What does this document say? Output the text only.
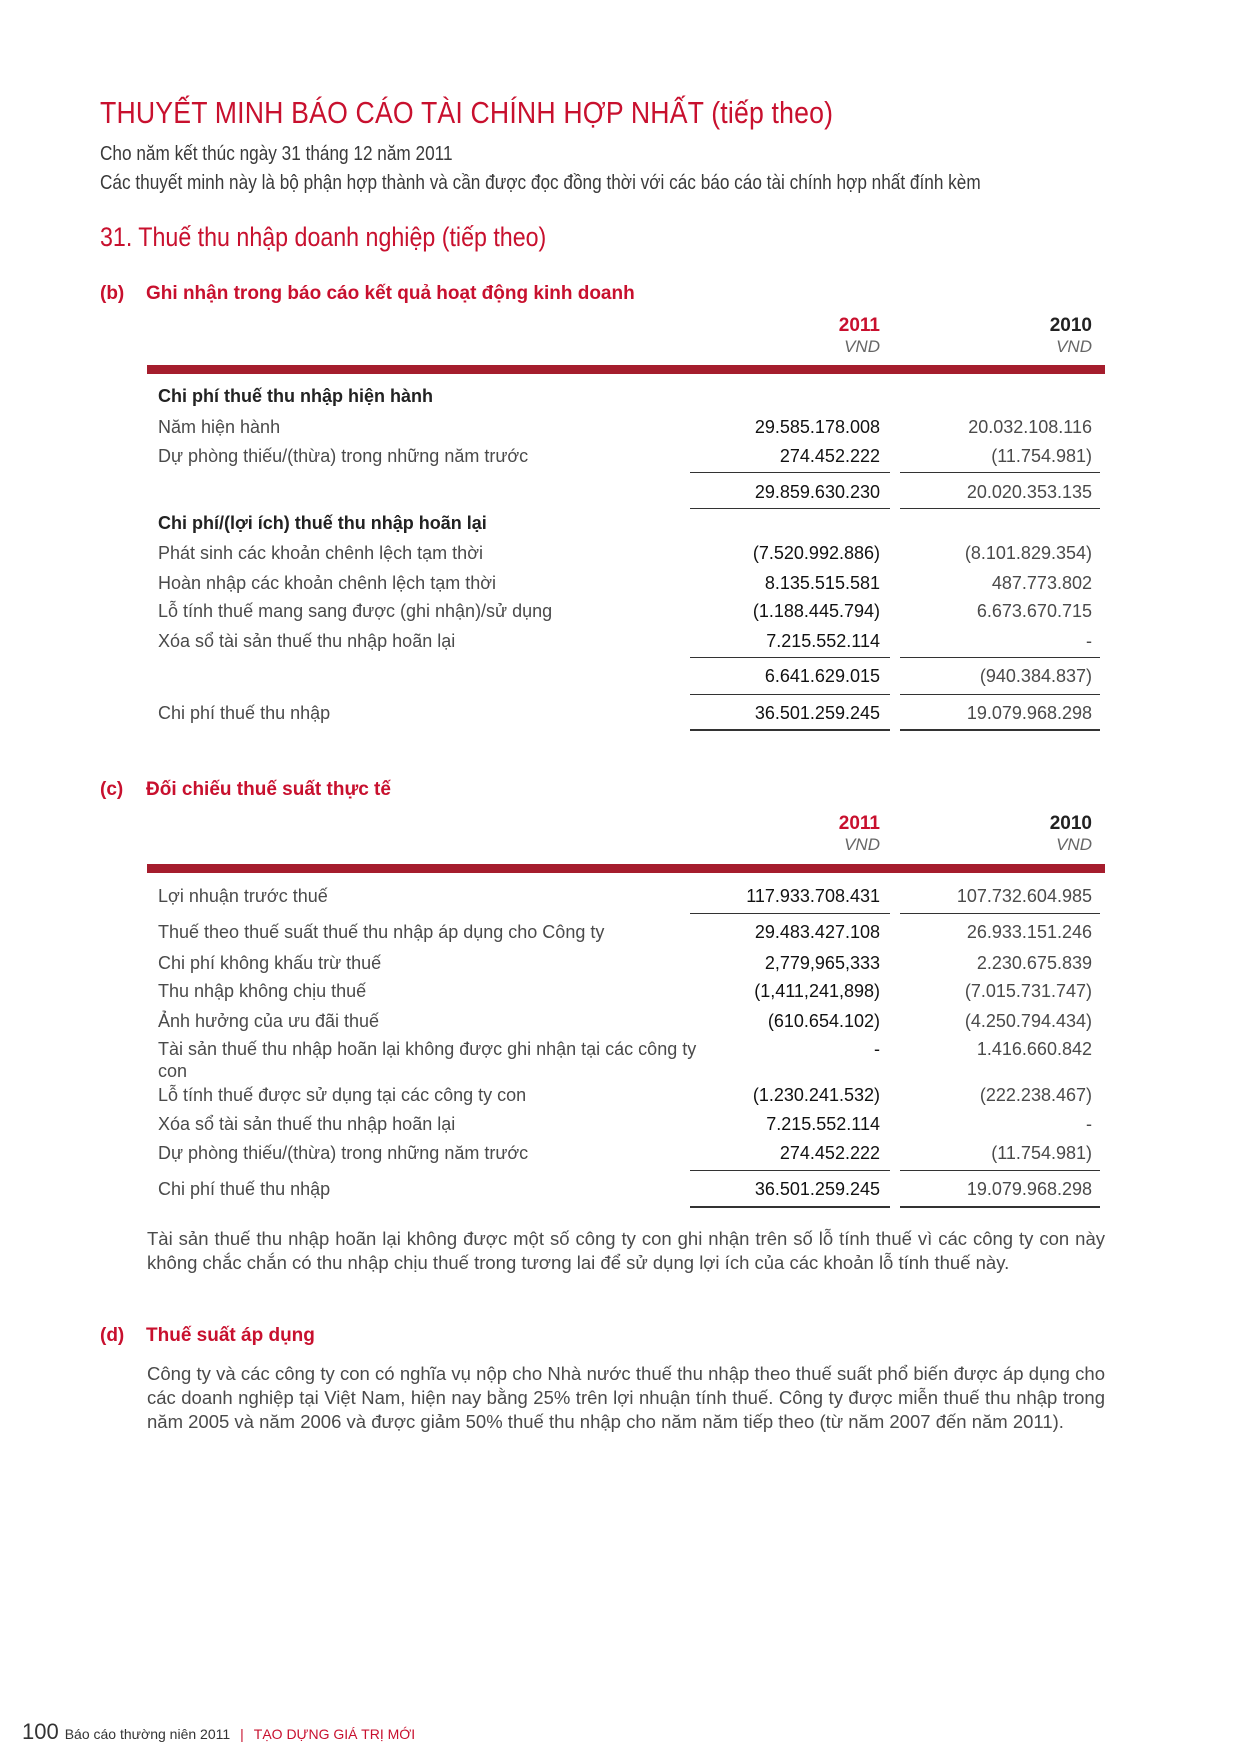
THUYẾT MINH BÁO CÁO TÀI CHÍNH HỢP NHẤT (tiếp theo)
Cho năm kết thúc ngày 31 tháng 12 năm 2011
Các thuyết minh này là bộ phận hợp thành và cần được đọc đồng thời với các báo cáo tài chính hợp nhất đính kèm
31. Thuế thu nhập doanh nghiệp (tiếp theo)
(b) Ghi nhận trong báo cáo kết quả hoạt động kinh doanh
2011	2010
VND	VND
Chi phí thuế thu nhập hiện hành
Năm hiện hành	29.585.178.008	20.032.108.116
Dự phòng thiếu/(thừa) trong những năm trước	274.452.222	(11.754.981)
29.859.630.230	20.020.353.135
Chi phí/(lợi ích) thuế thu nhập hoãn lại
Phát sinh các khoản chênh lệch tạm thời	(7.520.992.886)	(8.101.829.354)
Hoàn nhập các khoản chênh lệch tạm thời	8.135.515.581	487.773.802
Lỗ tính thuế mang sang được (ghi nhận)/sử dụng	(1.188.445.794)	6.673.670.715
Xóa sổ tài sản thuế thu nhập hoãn lại	7.215.552.114	-
6.641.629.015	(940.384.837)
Chi phí thuế thu nhập	36.501.259.245	19.079.968.298
(c) Đối chiếu thuế suất thực tế
2011	2010
VND	VND
Lợi nhuận trước thuế	117.933.708.431	107.732.604.985
Thuế theo thuế suất thuế thu nhập áp dụng cho Công ty	29.483.427.108	26.933.151.246
Chi phí không khấu trừ thuế	2,779,965,333	2.230.675.839
Thu nhập không chịu thuế	(1,411,241,898)	(7.015.731.747)
Ảnh hưởng của ưu đãi thuế	(610.654.102)	(4.250.794.434)
Tài sản thuế thu nhập hoãn lại không được ghi nhận tại các công ty con
-	1.416.660.842
Lỗ tính thuế được sử dụng tại các công ty con	(1.230.241.532)	(222.238.467)
Xóa sổ tài sản thuế thu nhập hoãn lại	7.215.552.114	-
Dự phòng thiếu/(thừa) trong những năm trước	274.452.222	(11.754.981)
Chi phí thuế thu nhập	36.501.259.245	19.079.968.298
Tài sản thuế thu nhập hoãn lại không được một số công ty con ghi nhận trên số lỗ tính thuế vì các công ty con này không chắc chắn có thu nhập chịu thuế trong tương lai để sử dụng lợi ích của các khoản lỗ tính thuế này.
(d) Thuế suất áp dụng
Công ty và các công ty con có nghĩa vụ nộp cho Nhà nước thuế thu nhập theo thuế suất phổ biến được áp dụng cho các doanh nghiệp tại Việt Nam, hiện nay bằng 25% trên lợi nhuận tính thuế. Công ty được miễn thuế thu nhập trong năm 2005 và năm 2006 và được giảm 50% thuế thu nhập cho năm năm tiếp theo (từ năm 2007 đến năm 2011).
100 Báo cáo thường niên 2011 | TẠO DỰNG GIÁ TRỊ MỚI
